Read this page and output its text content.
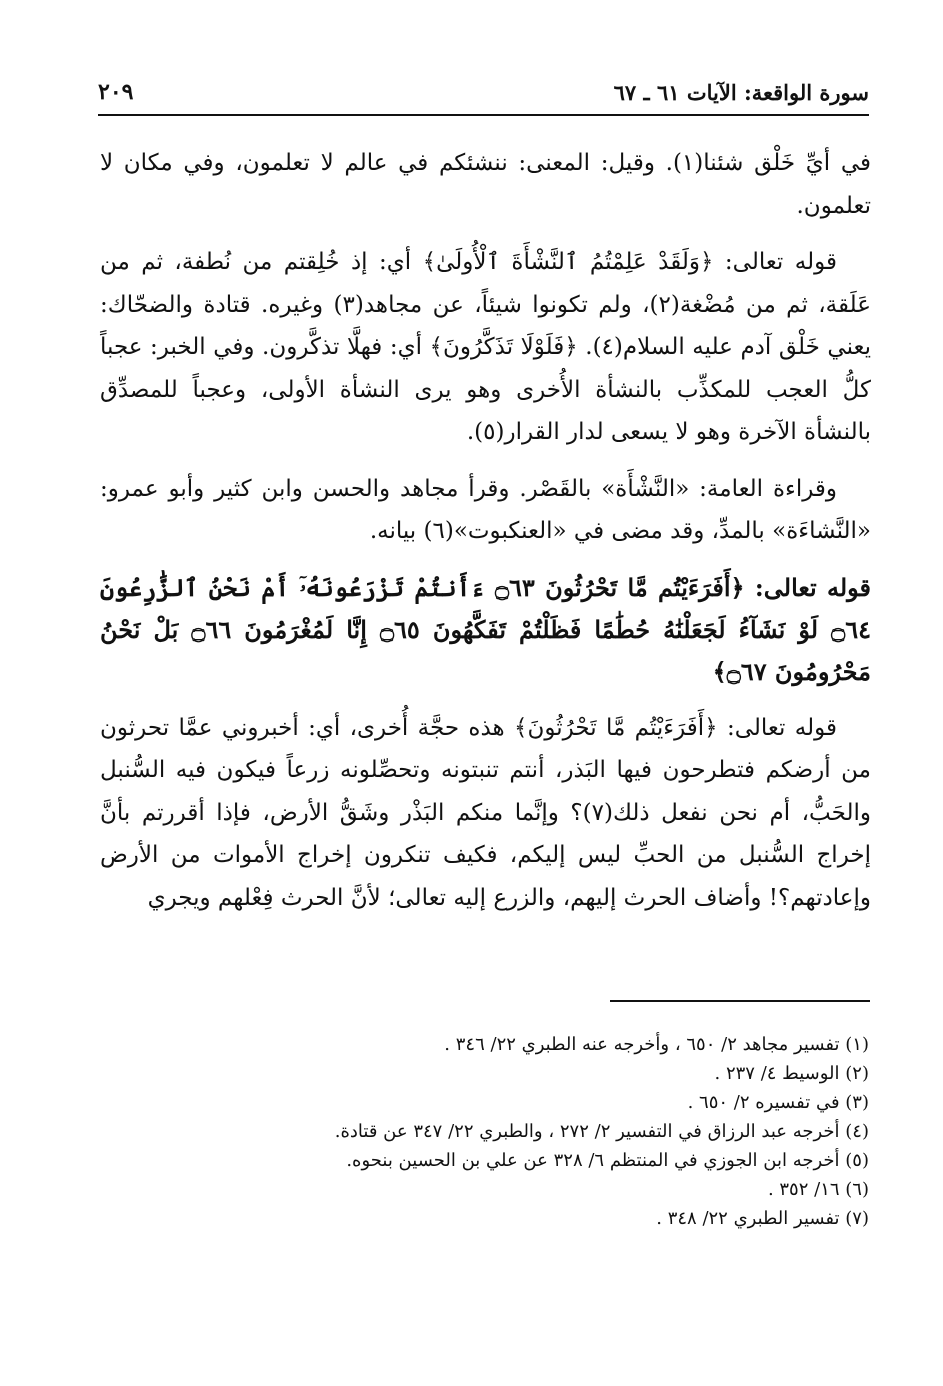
سورة الواقعة: الآيات ٦١ ـ ٦٧
٢٠٩

في أيِّ خَلْق شئنا(١). وقيل: المعنى: ننشئكم في عالم لا تعلمون، وفي مكان لا تعلمون.

قوله تعالى: ﴿وَلَقَدْ عَلِمْتُمُ ٱلنَّشْأَةَ ٱلْأُولَىٰ﴾ أي: إذ خُلِقتم من نُطفة، ثم من عَلَقة، ثم من مُضْغة(٢)، ولم تكونوا شيئاً، عن مجاهد(٣) وغيره. قتادة والضحّاك: يعني خَلْق آدم عليه السلام(٤). ﴿فَلَوْلَا تَذَكَّرُونَ﴾ أي: فهلَّا تذكَّرون. وفي الخبر: عجباً كلُّ العجب للمكذِّب بالنشأة الأُخرى وهو يرى النشأة الأولى، وعجباً للمصدِّق بالنشأة الآخرة وهو لا يسعى لدار القرار(٥).

وقراءة العامة: «النَّشْأَة» بالقَصْر. وقرأ مجاهد والحسن وابن كثير وأبو عمرو: «النَّشاءَة» بالمدِّ، وقد مضى في «العنكبوت»(٦) بيانه.

قوله تعالى: ﴿أَفَرَءَيْتُم مَّا تَحْرُثُونَ ۝٦٣ ءَأَنتُمْ تَزْرَعُونَهُۥٓ أَمْ نَحْنُ ٱلزَّٰرِعُونَ ۝٦٤ لَوْ نَشَآءُ لَجَعَلْنَٰهُ حُطَٰمًا فَظَلْتُمْ تَفَكَّهُونَ ۝٦٥ إِنَّا لَمُغْرَمُونَ ۝٦٦ بَلْ نَحْنُ مَحْرُومُونَ ۝٦٧﴾

قوله تعالى: ﴿أَفَرَءَيْتُم مَّا تَحْرُثُونَ﴾ هذه حجَّة أُخرى، أي: أخبروني عمَّا تحرثون من أرضكم فتطرحون فيها البَذر، أنتم تنبتونه وتحصِّلونه زرعاً فيكون فيه السُّنبل والحَبُّ، أم نحن نفعل ذلك(٧)؟ وإنَّما منكم البَذْر وشَقُّ الأرض، فإذا أقررتم بأنَّ إخراج السُّنبل من الحبِّ ليس إليكم، فكيف تنكرون إخراج الأموات من الأرض وإعادتهم؟! وأضاف الحرث إليهم، والزرع إليه تعالى؛ لأنَّ الحرث فِعْلهم ويجري

(١) تفسير مجاهد ٢/ ٦٥٠ ، وأخرجه عنه الطبري ٢٢/ ٣٤٦ .

(٢) الوسيط ٤/ ٢٣٧ .

(٣) في تفسيره ٢/ ٦٥٠ .

(٤) أخرجه عبد الرزاق في التفسير ٢/ ٢٧٢ ، والطبري ٢٢/ ٣٤٧ عن قتادة.

(٥) أخرجه ابن الجوزي في المنتظم ٦/ ٣٢٨ عن علي بن الحسين بنحوه.

(٦) ١٦/ ٣٥٢ .

(٧) تفسير الطبري ٢٢/ ٣٤٨ .
